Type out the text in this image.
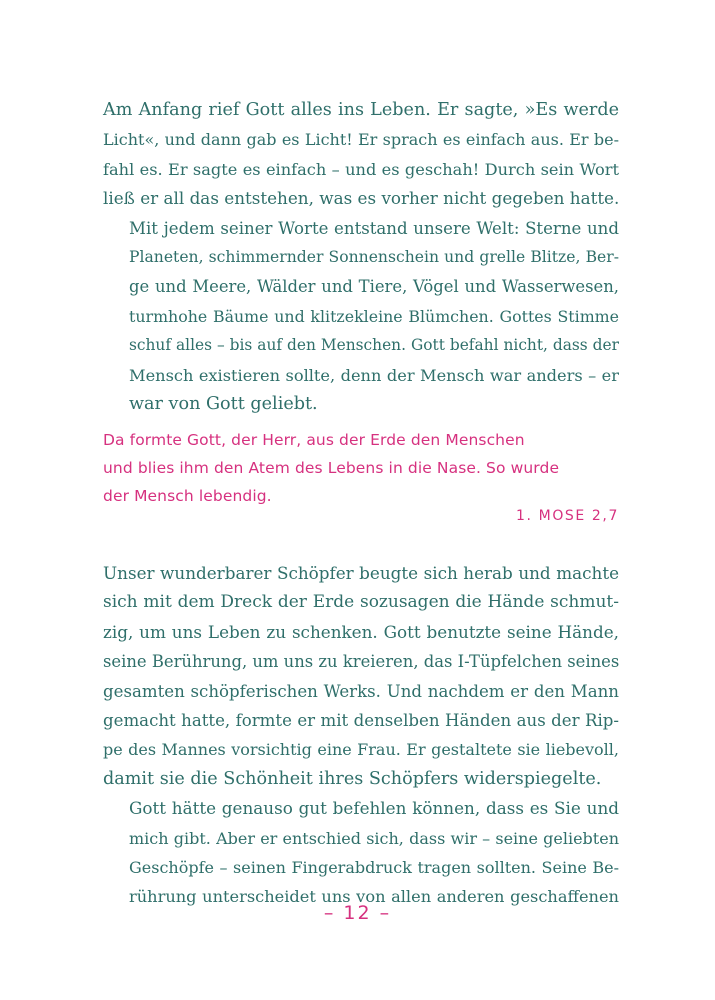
Am Anfang rief Gott alles ins Leben. Er sagte, »Es werde
Licht«, und dann gab es Licht! Er sprach es einfach aus. Er be-
fahl es. Er sagte es einfach – und es geschah! Durch sein Wort
ließ er all das entstehen, was es vorher nicht gegeben hatte.

Mit jedem seiner Worte entstand unsere Welt: Sterne und
Planeten, schimmernder Sonnenschein und grelle Blitze, Ber-
ge und Meere, Wälder und Tiere, Vögel und Wasserwesen,
turmhohe Bäume und klitzekleine Blümchen. Gottes Stimme
schuf alles – bis auf den Menschen. Gott befahl nicht, dass der
Mensch existieren sollte, denn der Mensch war anders – er
war von Gott geliebt.

Da formte Gott, der Herr, aus der Erde den Menschen
und blies ihm den Atem des Lebens in die Nase. So wurde
der Mensch lebendig.
1. MOSE 2,7

Unser wunderbarer Schöpfer beugte sich herab und machte
sich mit dem Dreck der Erde sozusagen die Hände schmut-
zig, um uns Leben zu schenken. Gott benutzte seine Hände,
seine Berührung, um uns zu kreieren, das I-Tüpfelchen seines
gesamten schöpferischen Werks. Und nachdem er den Mann
gemacht hatte, formte er mit denselben Händen aus der Rip-
pe des Mannes vorsichtig eine Frau. Er gestaltete sie liebevoll,
damit sie die Schönheit ihres Schöpfers widerspiegelte.

Gott hätte genauso gut befehlen können, dass es Sie und
mich gibt. Aber er entschied sich, dass wir – seine geliebten
Geschöpfe – seinen Fingerabdruck tragen sollten. Seine Be-
rührung unterscheidet uns von allen anderen geschaffenen

– 12 –
